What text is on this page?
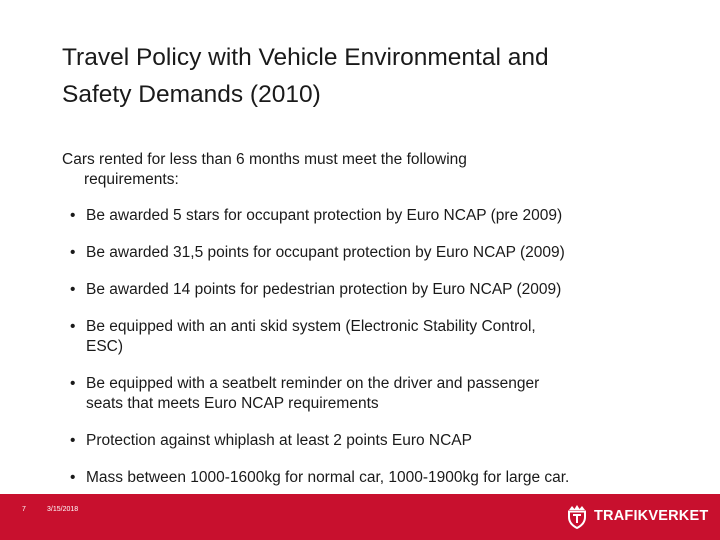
Travel Policy with Vehicle Environmental and
Safety Demands (2010)
Cars rented for less than 6 months must meet the following
requirements:
• Be awarded 5 stars for occupant protection by Euro NCAP (pre 2009)
• Be awarded 31,5 points for occupant protection by Euro NCAP (2009)
• Be awarded 14 points for pedestrian protection by Euro NCAP (2009)
• Be equipped with an anti skid system (Electronic Stability Control,
ESC)
• Be equipped with a seatbelt reminder on the driver and passenger
seats that meets Euro NCAP requirements
• Protection against whiplash at least 2 points Euro NCAP
• Mass between 1000-1600kg for normal car, 1000-1900kg for large car.
7	3/15/2018	TRAFIKVERKET
